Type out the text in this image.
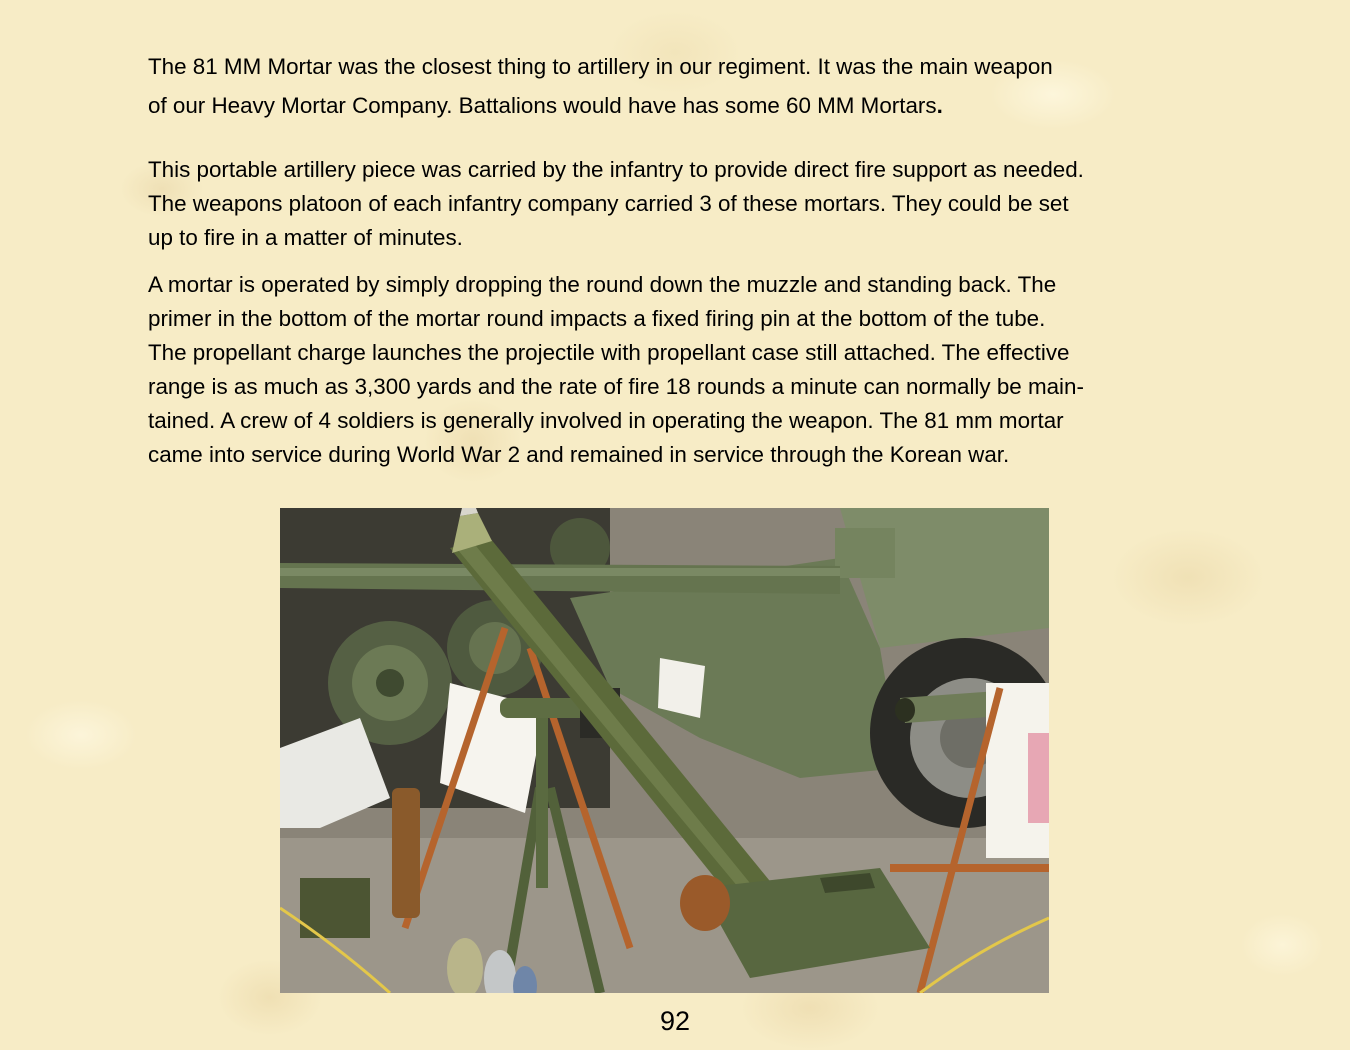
The 81 MM Mortar was the closest thing to artillery in our regiment. It was the main weapon
of our Heavy Mortar Company. Battalions would have has some 60 MM Mortars.

This portable artillery piece was carried by the infantry to provide direct fire support as needed.
The weapons platoon of each infantry company carried 3 of these mortars. They could be set
up to fire in a matter of minutes.

A mortar is operated by simply dropping the round down the muzzle and standing back. The
primer in the bottom of the mortar round impacts a fixed firing pin at the bottom of the tube.
The propellant charge launches the projectile with propellant case still attached. The effective
range is as much as 3,300 yards and the rate of fire 18 rounds a minute can normally be main-
tained. A crew of 4 soldiers is generally involved in operating the weapon. The 81 mm mortar
came into service during World War 2 and remained in service through the Korean war.

92
